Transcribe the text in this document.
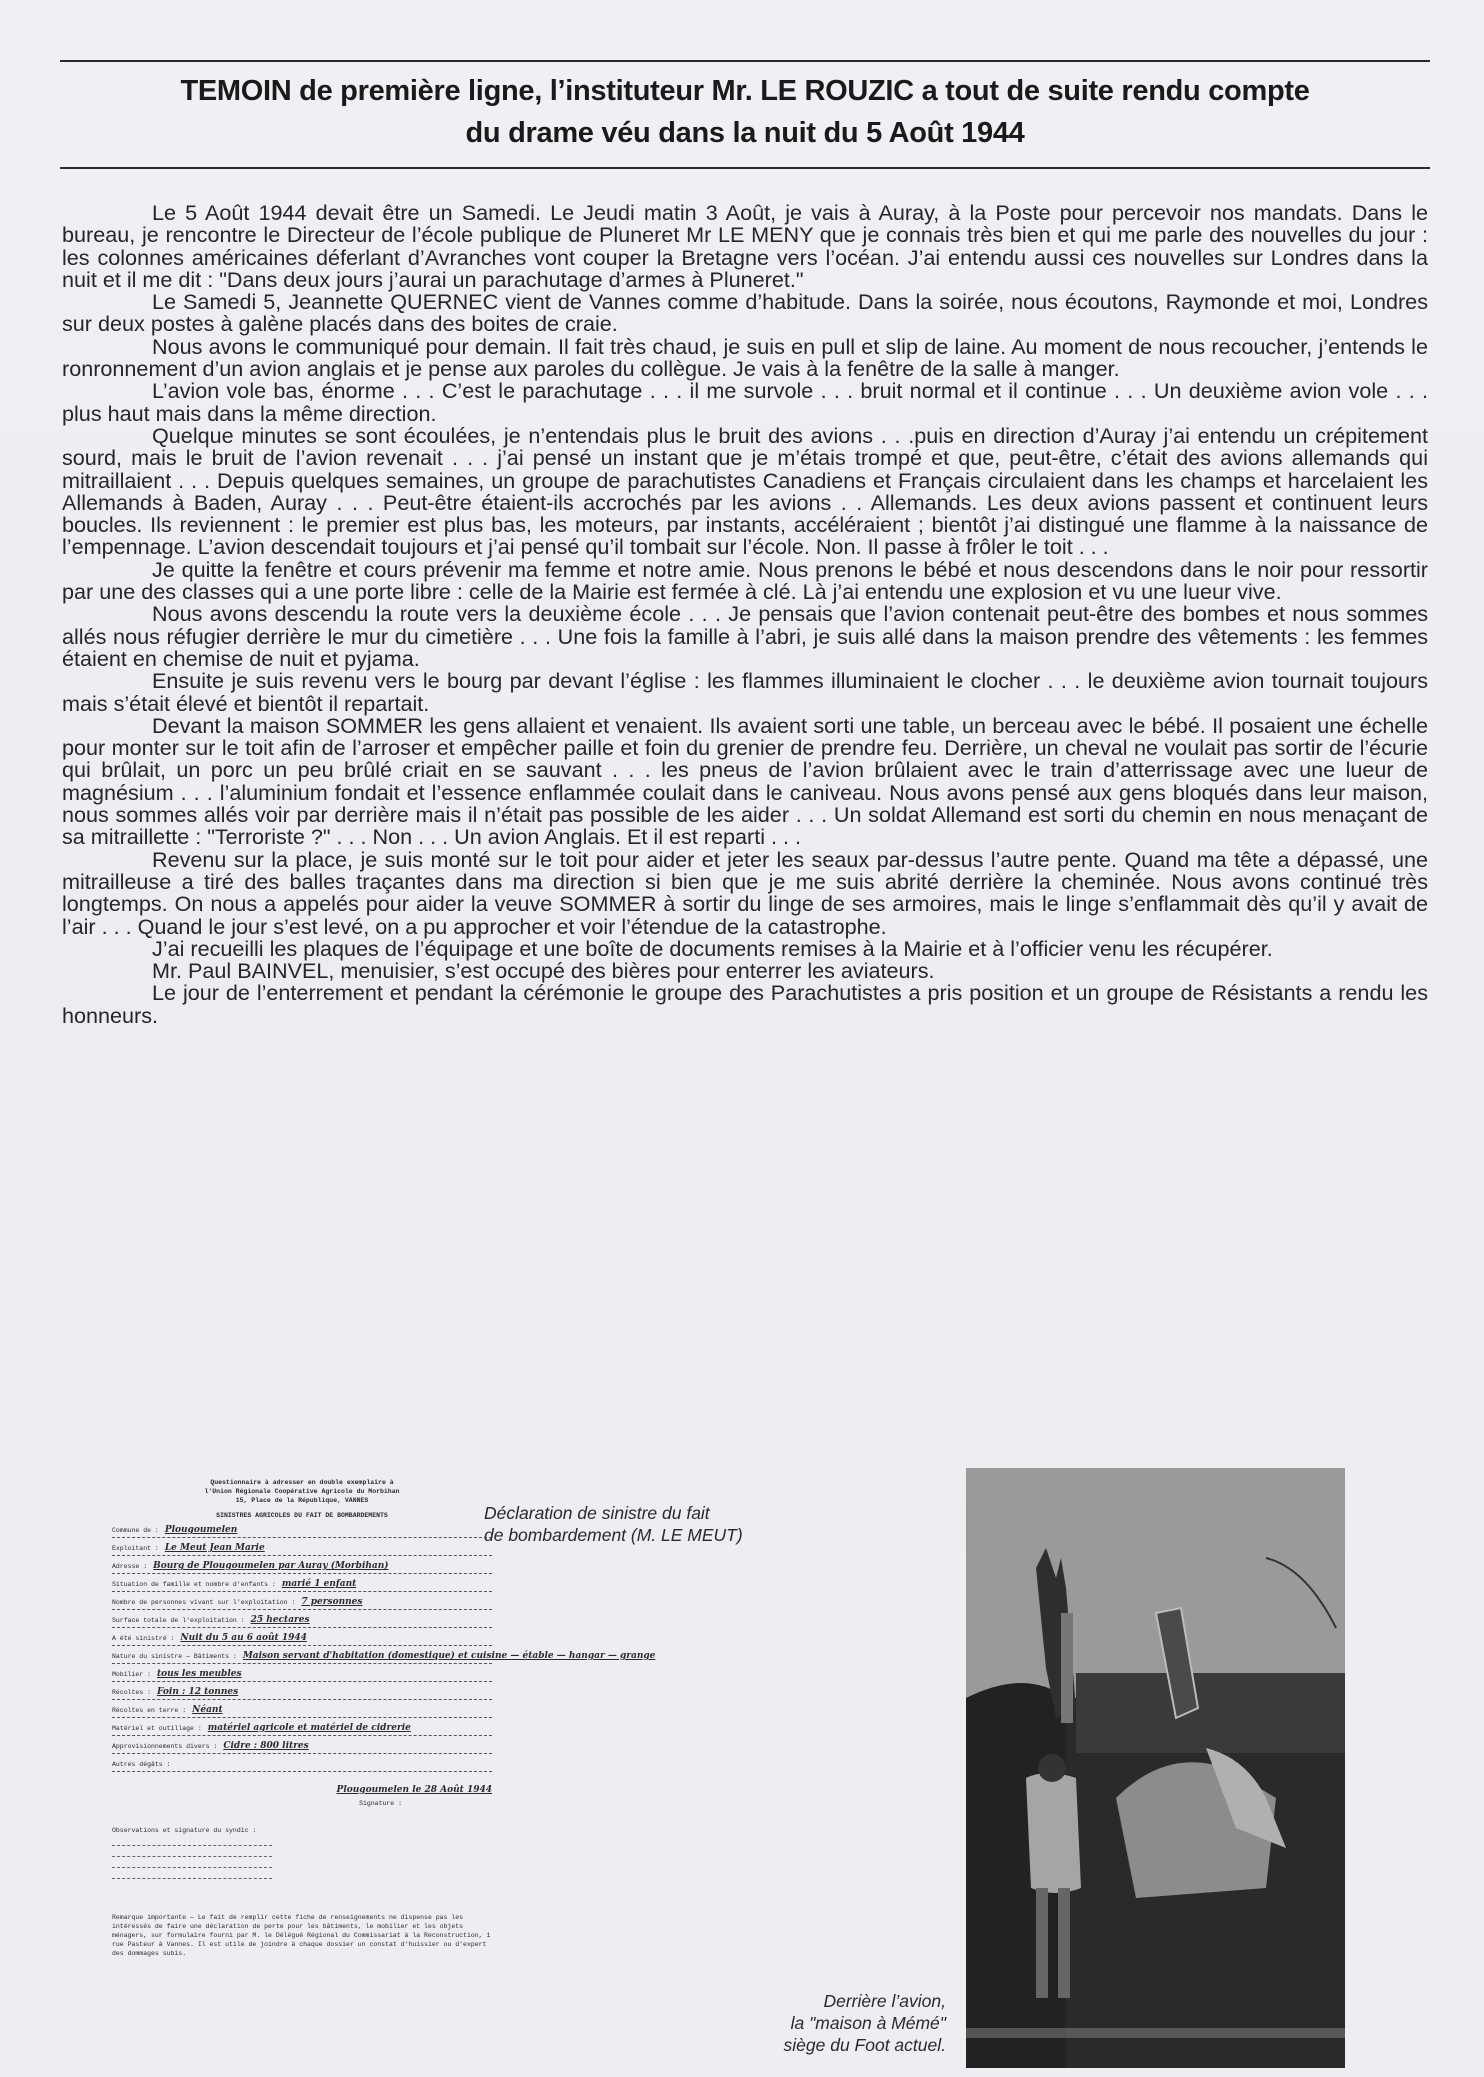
TEMOIN de première ligne, l’instituteur Mr. LE ROUZIC a tout de suite rendu compte
du drame véu dans la nuit du 5 Août 1944

Le 5 Août 1944 devait être un Samedi. Le Jeudi matin 3 Août, je vais à Auray, à la Poste pour percevoir nos mandats. Dans le bureau, je rencontre le Directeur de l’école publique de Pluneret Mr LE MENY que je connais très bien et qui me parle des nouvelles du jour : les colonnes américaines déferlant d’Avranches vont couper la Bretagne vers l’océan. J’ai entendu aussi ces nouvelles sur Londres dans la nuit et il me dit : "Dans deux jours j’aurai un parachutage d’armes à Pluneret."

Le Samedi 5, Jeannette QUERNEC vient de Vannes comme d’habitude. Dans la soirée, nous écoutons, Raymonde et moi, Londres sur deux postes à galène placés dans des boites de craie.

Nous avons le communiqué pour demain. Il fait très chaud, je suis en pull et slip de laine. Au moment de nous recoucher, j’entends le ronronnement d’un avion anglais et je pense aux paroles du collègue. Je vais à la fenêtre de la salle à manger.

L’avion vole bas, énorme . . . C’est le parachutage . . . il me survole . . . bruit normal et il continue . . . Un deuxième avion vole . . . plus haut mais dans la même direction.

Quelque minutes se sont écoulées, je n’entendais plus le bruit des avions . . .puis en direction d’Auray j’ai entendu un crépitement sourd, mais le bruit de l’avion revenait . . . j’ai pensé un instant que je m’étais trompé et que, peut-être, c’était des avions allemands qui mitraillaient . . . Depuis quelques semaines, un groupe de parachutistes Canadiens et Français circulaient dans les champs et harcelaient les Allemands à Baden, Auray . . . Peut-être étaient-ils accrochés par les avions . . Allemands. Les deux avions passent et continuent leurs boucles. Ils reviennent : le premier est plus bas, les moteurs, par instants, accéléraient ; bientôt j’ai distingué une flamme à la naissance de l’empennage. L’avion descendait toujours et j’ai pensé qu’il tombait sur l’école. Non. Il passe à frôler le toit . . .

Je quitte la fenêtre et cours prévenir ma femme et notre amie. Nous prenons le bébé et nous descendons dans le noir pour ressortir par une des classes qui a une porte libre : celle de la Mairie est fermée à clé. Là j’ai entendu une explosion et vu une lueur vive.

Nous avons descendu la route vers la deuxième école . . . Je pensais que l’avion contenait peut-être des bombes et nous sommes allés nous réfugier derrière le mur du cimetière . . . Une fois la famille à l’abri, je suis allé dans la maison prendre des vêtements : les femmes étaient en chemise de nuit et pyjama.

Ensuite je suis revenu vers le bourg par devant l’église : les flammes illuminaient le clocher . . . le deuxième avion tournait toujours mais s’était élevé et bientôt il repartait.

Devant la maison SOMMER les gens allaient et venaient. Ils avaient sorti une table, un berceau avec le bébé. Il posaient une échelle pour monter sur le toit afin de l’arroser et empêcher paille et foin du grenier de prendre feu. Derrière, un cheval ne voulait pas sortir de l’écurie qui brûlait, un porc un peu brûlé criait en se sauvant . . . les pneus de l’avion brûlaient avec le train d’atterrissage avec une lueur de magnésium . . . l’aluminium fondait et l’essence enflammée coulait dans le caniveau. Nous avons pensé aux gens bloqués dans leur maison, nous sommes allés voir par derrière mais il n’était pas possible de les aider . . . Un soldat Allemand est sorti du chemin en nous menaçant de sa mitraillette : "Terroriste ?" . . . Non . . . Un avion Anglais. Et il est reparti . . .

Revenu sur la place, je suis monté sur le toit pour aider et jeter les seaux par-dessus l’autre pente. Quand ma tête a dépassé, une mitrailleuse a tiré des balles traçantes dans ma direction si bien que je me suis abrité derrière la cheminée. Nous avons continué très longtemps. On nous a appelés pour aider la veuve SOMMER à sortir du linge de ses armoires, mais le linge s’enflammait dès qu’il y avait de l’air . . . Quand le jour s’est levé, on a pu approcher et voir l’étendue de la catastrophe.

J’ai recueilli les plaques de l’équipage et une boîte de documents remises à la Mairie et à l’officier venu les récupérer.

Mr. Paul BAINVEL, menuisier, s’est occupé des bières pour enterrer les aviateurs.

Le jour de l’enterrement et pendant la cérémonie le groupe des Parachutistes a pris position et un groupe de Résistants a rendu les honneurs.

Questionnaire à adresser en double exemplaire à
l'Union Régionale Coopérative Agricole du Morbihan
15, Place de la République, VANNES
SINISTRES AGRICOLES DU FAIT DE BOMBARDEMENTS
Commune de : Plougoumelen
Exploitant : Le Meut Jean Marie
Adresse : Bourg de Plougoumelen par Auray (Morbihan)
Situation de famille et nombre d'enfants : marié 1 enfant
Nombre de personnes vivant sur l'exploitation : 7 personnes
Surface totale de l'exploitation : 25 hectares
A été sinistré : Nuit du 5 au 6 août 1944
Nature du sinistre — Bâtiments : Maison servant d'habitation (domestique) et cuisine — étable — hangar — grange
Mobilier : tous les meubles
Récoltes : Foin : 12 tonnes
Récoltes en terre : Néant
Matériel et outillage : matériel agricole et matériel de cidrerie
Approvisionnements divers : Cidre : 800 litres
Autres dégâts :
Plougoumelen le 28 Août 1944
Signature :
Observations et signature du syndic :
Remarque importante — Le fait de remplir cette fiche de renseignements ne dispense pas les intéressés de faire une déclaration de perte pour les bâtiments, le mobilier et les objets ménagers, sur formulaire fourni par M. le Délégué Régional du Commissariat à la Reconstruction, 1 rue Pasteur à Vannes. Il est utile de joindre à chaque dossier un constat d'huissier ou d'expert des dommages subis.
Déclaration de sinistre du fait
de bombardement (M. LE MEUT)
Derrière l’avion,
la "maison à Mémé"
siège du Foot actuel.
